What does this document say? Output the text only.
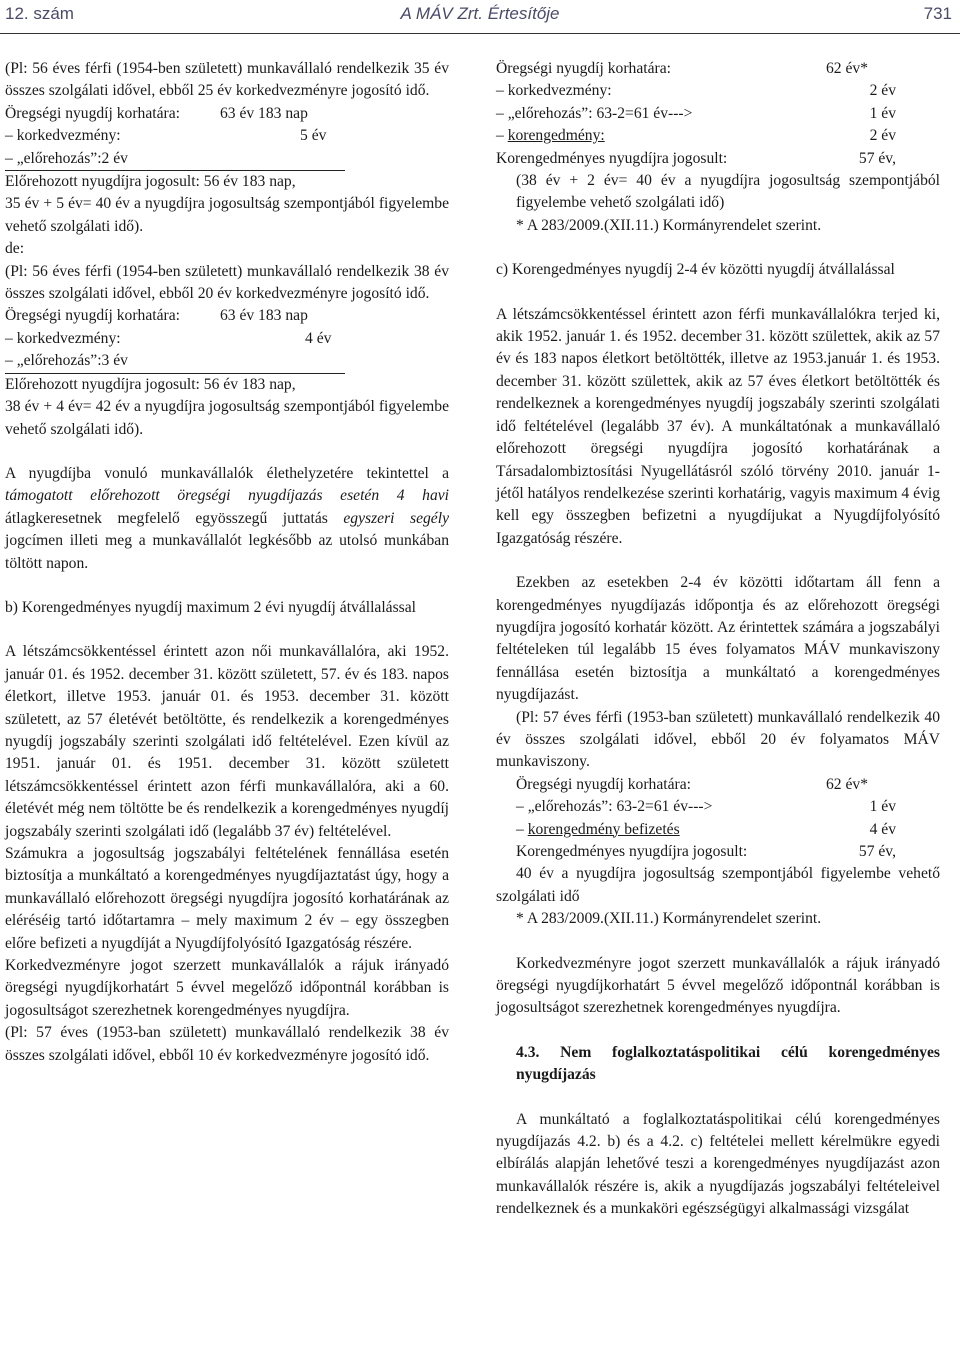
12. szám	A MÁV Zrt. Értesítője	731

(Pl: 56 éves férfi (1954-ben született) munkavállaló rendelkezik 35 év összes szolgálati idővel, ebből 25 év korkedvezményre jogosító idő.

Öregségi nyugdíj korhatára:	63 év 183 nap
– korkedvezmény:	5 év
– „előrehozás”:2 év
Előrehozott nyugdíjra jogosult: 56 év 183 nap,

35 év + 5 év= 40 év a nyugdíjra jogosultság szempontjából figyelembe vehető szolgálati idő).

de:

(Pl: 56 éves férfi (1954-ben született) munkavállaló rendelkezik 38 év összes szolgálati idővel, ebből 20 év korkedvezményre jogosító idő.

Öregségi nyugdíj korhatára:	63 év 183 nap
– korkedvezmény:	4 év
– „előrehozás”:3 év
Előrehozott nyugdíjra jogosult: 56 év 183 nap,

38 év + 4 év= 42 év a nyugdíjra jogosultság szempontjából figyelembe vehető szolgálati idő).

A nyugdíjba vonuló munkavállalók élethelyzetére tekintettel a támogatott előrehozott öregségi nyugdíjazás esetén 4 havi átlagkeresetnek megfelelő egyösszegű juttatás egyszeri segély jogcímen illeti meg a munkavállalót legkésőbb az utolsó munkában töltött napon.

b) Korengedményes nyugdíj maximum 2 évi nyugdíj átvállalással

A létszámcsökkentéssel érintett azon női munkavállalóra, aki 1952. január 01. és 1952. december 31. között született, 57. év és 183. napos életkort, illetve 1953. január 01. és 1953. december 31. között született, az 57 életévét betöltötte, és rendelkezik a korengedményes nyugdíj jogszabály szerinti szolgálati idő feltételével. Ezen kívül az 1951. január 01. és 1951. december 31. között született létszámcsökkentéssel érintett azon férfi munkavállalóra, aki a 60. életévét még nem töltötte be és rendelkezik a korengedményes nyugdíj jogszabály szerinti szolgálati idő (legalább 37 év) feltételével.

Számukra a jogosultság jogszabályi feltételének fennállása esetén biztosítja a munkáltató a korengedményes nyugdíjaztatást úgy, hogy a munkavállaló előrehozott öregségi nyugdíjra jogosító korhatárának az eléréséig tartó időtartamra – mely maximum 2 év – egy összegben előre befizeti a nyugdíját a Nyugdíjfolyósító Igazgatóság részére.

Korkedvezményre jogot szerzett munkavállalók a rájuk irányadó öregségi nyugdíjkorhatárt 5 évvel megelőző időpontnál korábban is jogosultságot szerezhetnek korengedményes nyugdíjra.

(Pl: 57 éves (1953-ban született) munkavállaló rendelkezik 38 év összes szolgálati idővel, ebből 10 év korkedvezményre jogosító idő.

Öregségi nyugdíj korhatára:	62 év*
– korkedvezmény:	2 év
– „előrehozás”: 63-2=61 év--->	1 év
– korengedmény:	2 év
Korengedményes nyugdíjra jogosult:	57 év,

(38 év + 2 év= 40 év a nyugdíjra jogosultság szempontjából figyelembe vehető szolgálati idő)

* A 283/2009.(XII.11.) Kormányrendelet szerint.

c) Korengedményes nyugdíj 2-4 év közötti nyugdíj átvállalással

A létszámcsökkentéssel érintett azon férfi munkavállalókra terjed ki, akik 1952. január 1. és 1952. december 31. között születtek, akik az 57 év és 183 napos életkort betöltötték, illetve az 1953.január 1. és 1953. december 31. között születtek, akik az 57 éves életkort betöltötték és rendelkeznek a korengedményes nyugdíj jogszabály szerinti szolgálati idő feltételével (legalább 37 év). A munkáltatónak a munkavállaló előrehozott öregségi nyugdíjra jogosító korhatárának a Társadalombiztosítási Nyugellátásról szóló törvény 2010. január 1-jétől hatályos rendelkezése szerinti korhatárig, vagyis maximum 4 évig kell egy összegben befizetni a nyugdíjukat a Nyugdíjfolyósító Igazgatóság részére.

Ezekben az esetekben 2-4 év közötti időtartam áll fenn a korengedményes nyugdíjazás időpontja és az előrehozott öregségi nyugdíjra jogosító korhatár között. Az érintettek számára a jogszabályi feltételeken túl legalább 15 éves folyamatos MÁV munkaviszony fennállása esetén biztosítja a munkáltató a korengedményes nyugdíjazást.

(Pl: 57 éves férfi (1953-ban született) munkavállaló rendelkezik 40 év összes szolgálati idővel, ebből 20 év folyamatos MÁV munkaviszony.

Öregségi nyugdíj korhatára:	62 év*
– „előrehozás”: 63-2=61 év--->	1 év
– korengedmény befizetés	4 év
Korengedményes nyugdíjra jogosult:	57 év,

40 év a nyugdíjra jogosultság szempontjából figyelembe vehető szolgálati idő

* A 283/2009.(XII.11.) Kormányrendelet szerint.

Korkedvezményre jogot szerzett munkavállalók a rájuk irányadó öregségi nyugdíjkorhatárt 5 évvel megelőző időpontnál korábban is jogosultságot szerezhetnek korengedményes nyugdíjra.

4.3. Nem foglalkoztatáspolitikai célú korengedményes nyugdíjazás

A munkáltató a foglalkoztatáspolitikai célú korengedményes nyugdíjazás 4.2. b) és a 4.2. c) feltételei mellett kérelmükre egyedi elbírálás alapján lehetővé teszi a korengedményes nyugdíjazást azon munkavállalók részére is, akik a nyugdíjazás jogszabályi feltételeivel rendelkeznek és a munkaköri egészségügyi alkalmassági vizsgálat
